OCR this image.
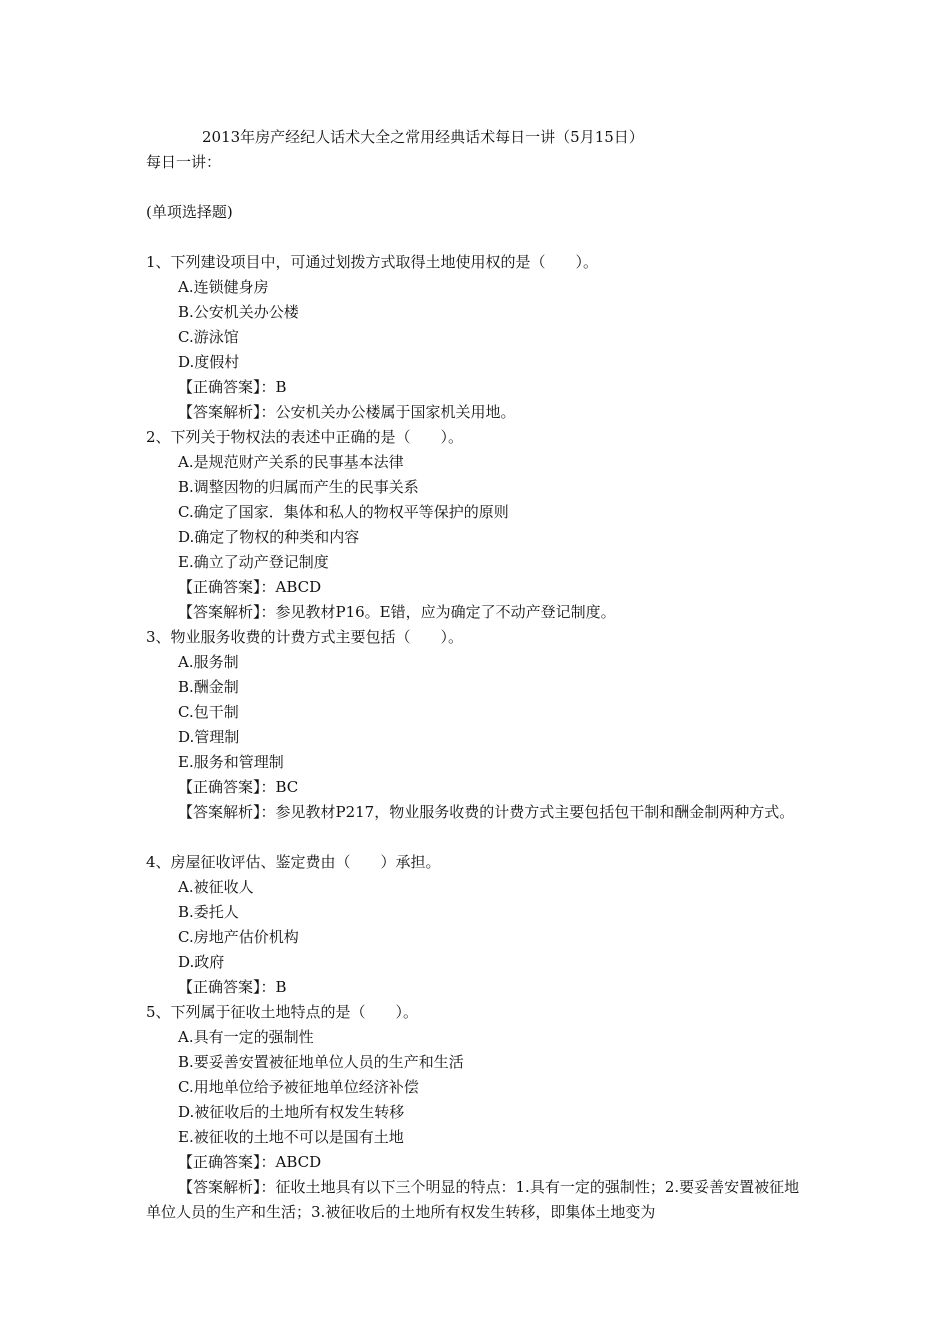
2013年房产经纪人话术大全之常用经典话术每日一讲（5月15日）
每日一讲：
(单项选择题)
1、下列建设项目中，可通过划拨方式取得土地使用权的是（　　）。
A.连锁健身房
B.公安机关办公楼
C.游泳馆
D.度假村
【正确答案】：B
【答案解析】：公安机关办公楼属于国家机关用地。
2、下列关于物权法的表述中正确的是（　　）。
A.是规范财产关系的民事基本法律
B.调整因物的归属而产生的民事关系
C.确定了国家．集体和私人的物权平等保护的原则
D.确定了物权的种类和内容
E.确立了动产登记制度
【正确答案】：ABCD
【答案解析】：参见教材P16。E错，应为确定了不动产登记制度。
3、物业服务收费的计费方式主要包括（　　）。
A.服务制
B.酬金制
C.包干制
D.管理制
E.服务和管理制
【正确答案】：BC
【答案解析】：参见教材P217，物业服务收费的计费方式主要包括包干制和酬金制两种方式。
4、房屋征收评估、鉴定费由（　　）承担。
A.被征收人
B.委托人
C.房地产估价机构
D.政府
【正确答案】：B
5、下列属于征收土地特点的是（　　）。
A.具有一定的强制性
B.要妥善安置被征地单位人员的生产和生活
C.用地单位给予被征地单位经济补偿
D.被征收后的土地所有权发生转移
E.被征收的土地不可以是国有土地
【正确答案】：ABCD
【答案解析】：征收土地具有以下三个明显的特点：1.具有一定的强制性；2.要妥善安置被征地单位人员的生产和生活；3.被征收后的土地所有权发生转移，即集体土地变为
